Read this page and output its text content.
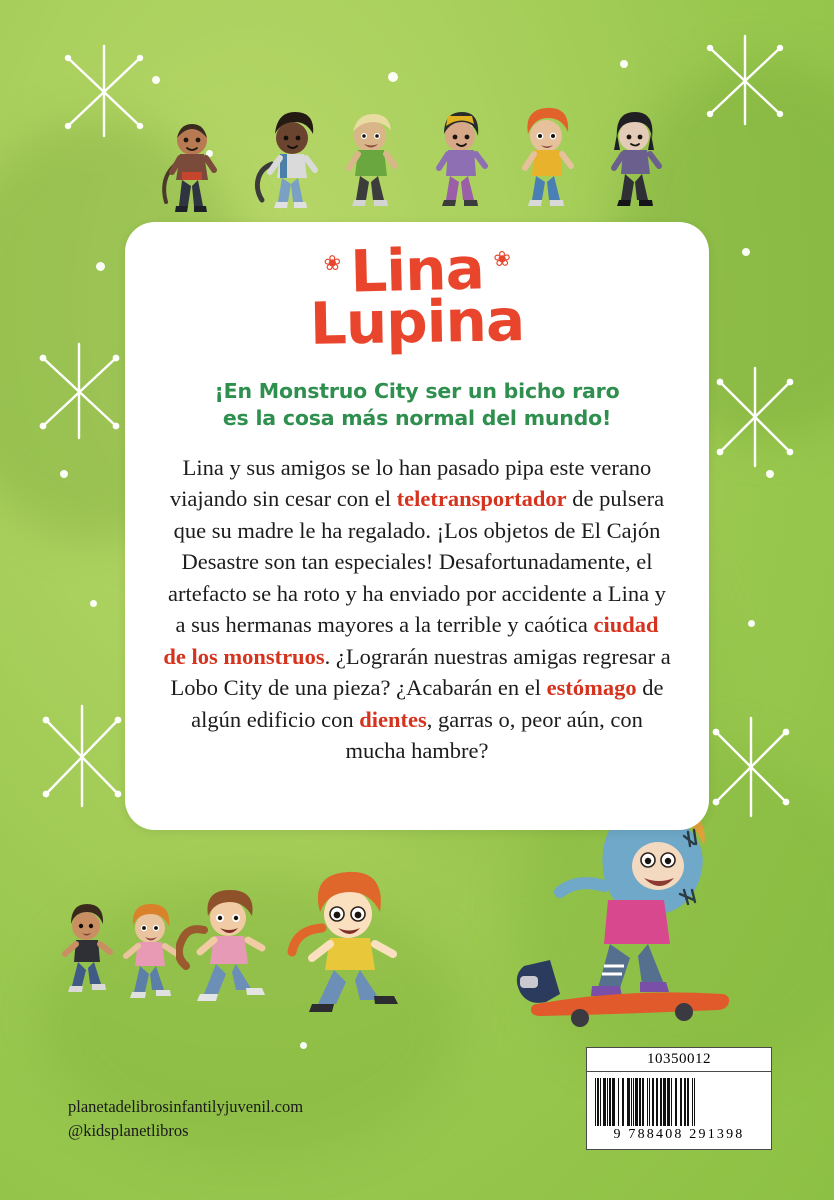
❀ Lina ❀
Lupina
¡En Monstruo City ser un bicho raro
es la cosa más normal del mundo!
Lina y sus amigos se lo han pasado pipa este verano viajando sin cesar con el teletransportador de pulsera que su madre le ha regalado. ¡Los objetos de El Cajón Desastre son tan especiales! Desafortunadamente, el artefacto se ha roto y ha enviado por accidente a Lina y a sus hermanas mayores a la terrible y caótica ciudad de los monstruos. ¿Lograrán nuestras amigas regresar a Lobo City de una pieza? ¿Acabarán en el estómago de algún edificio con dientes, garras o, peor aún, con mucha hambre?
planetadelibrosinfantilyjuvenil.com
@kidsplanetlibros
10350012
9 788408 291398
